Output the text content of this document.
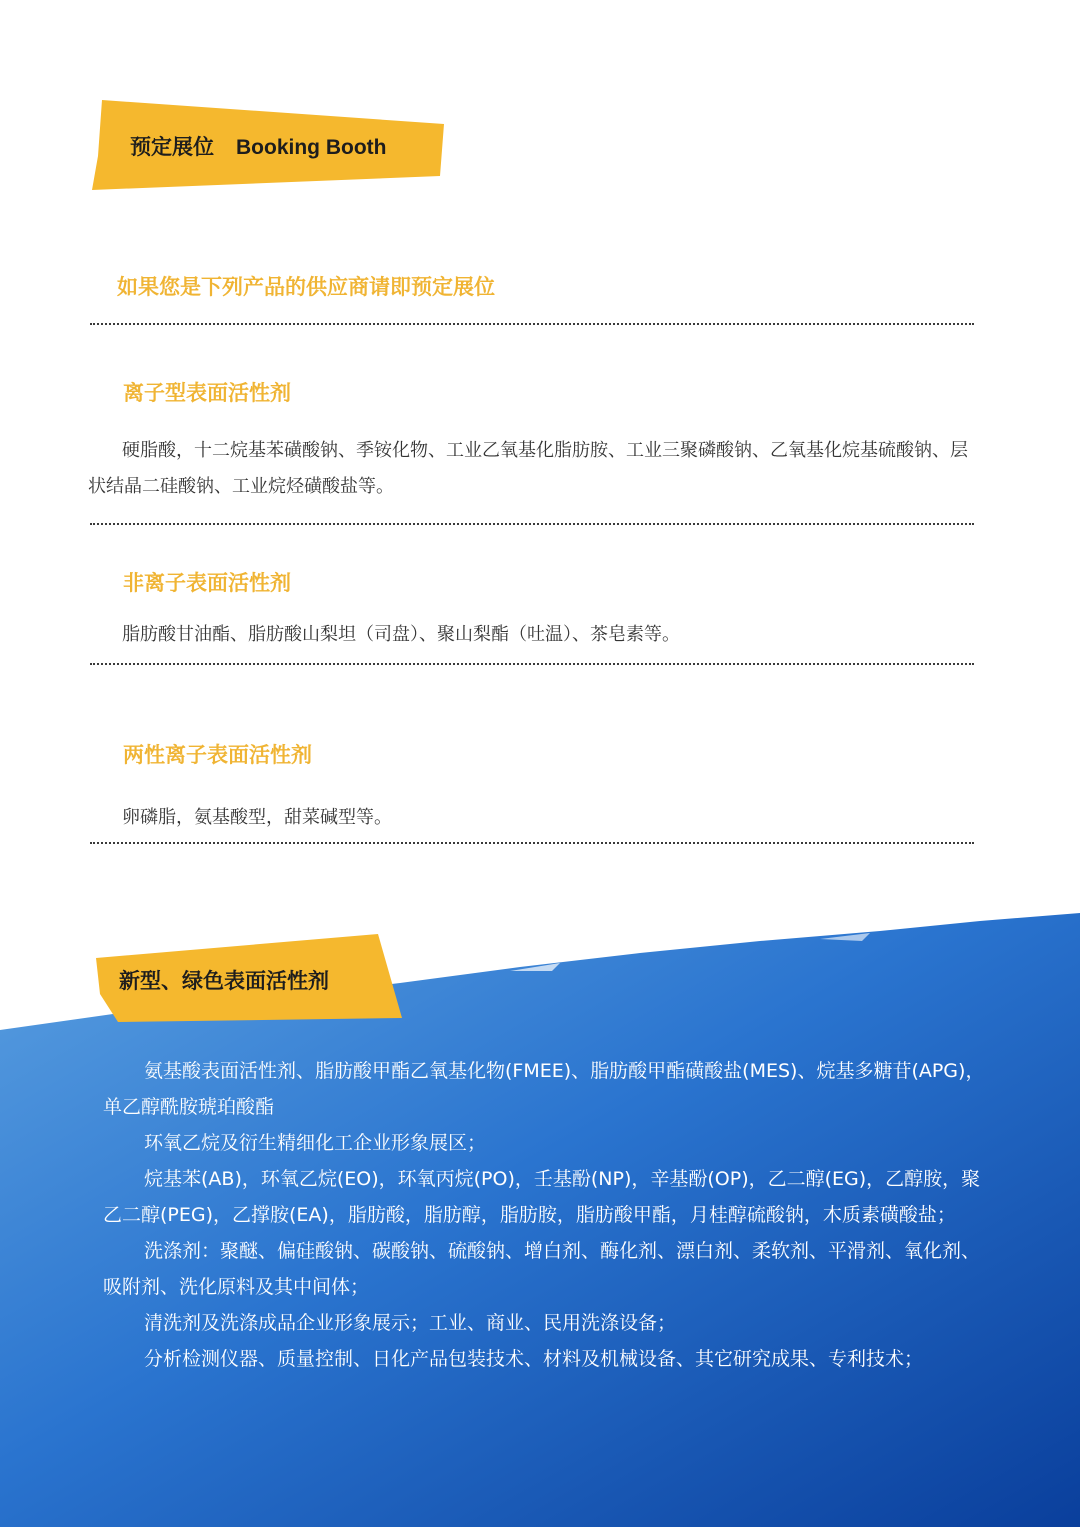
预定展位 Booking Booth
如果您是下列产品的供应商请即预定展位
离子型表面活性剂
硬脂酸，十二烷基苯磺酸钠、季铵化物、工业乙氧基化脂肪胺、工业三聚磷酸钠、乙氧基化烷基硫酸钠、层状结晶二硅酸钠、工业烷烃磺酸盐等。
非离子表面活性剂
脂肪酸甘油酯、脂肪酸山梨坦（司盘）、聚山梨酯（吐温）、茶皂素等。
两性离子表面活性剂
卵磷脂，氨基酸型，甜菜碱型等。
新型、绿色表面活性剂

氨基酸表面活性剂、脂肪酸甲酯乙氧基化物(FMEE)、脂肪酸甲酯磺酸盐(MES)、烷基多糖苷(APG)，单乙醇酰胺琥珀酸酯

环氧乙烷及衍生精细化工企业形象展区；

烷基苯(AB)，环氧乙烷(EO)，环氧丙烷(PO)，壬基酚(NP)，辛基酚(OP)，乙二醇(EG)，乙醇胺，聚乙二醇(PEG)，乙撑胺(EA)，脂肪酸，脂肪醇，脂肪胺，脂肪酸甲酯，月桂醇硫酸钠，木质素磺酸盐；

洗涤剂：聚醚、偏硅酸钠、碳酸钠、硫酸钠、增白剂、酶化剂、漂白剂、柔软剂、平滑剂、氧化剂、吸附剂、洗化原料及其中间体；

清洗剂及洗涤成品企业形象展示；工业、商业、民用洗涤设备；

分析检测仪器、质量控制、日化产品包装技术、材料及机械设备、其它研究成果、专利技术；
